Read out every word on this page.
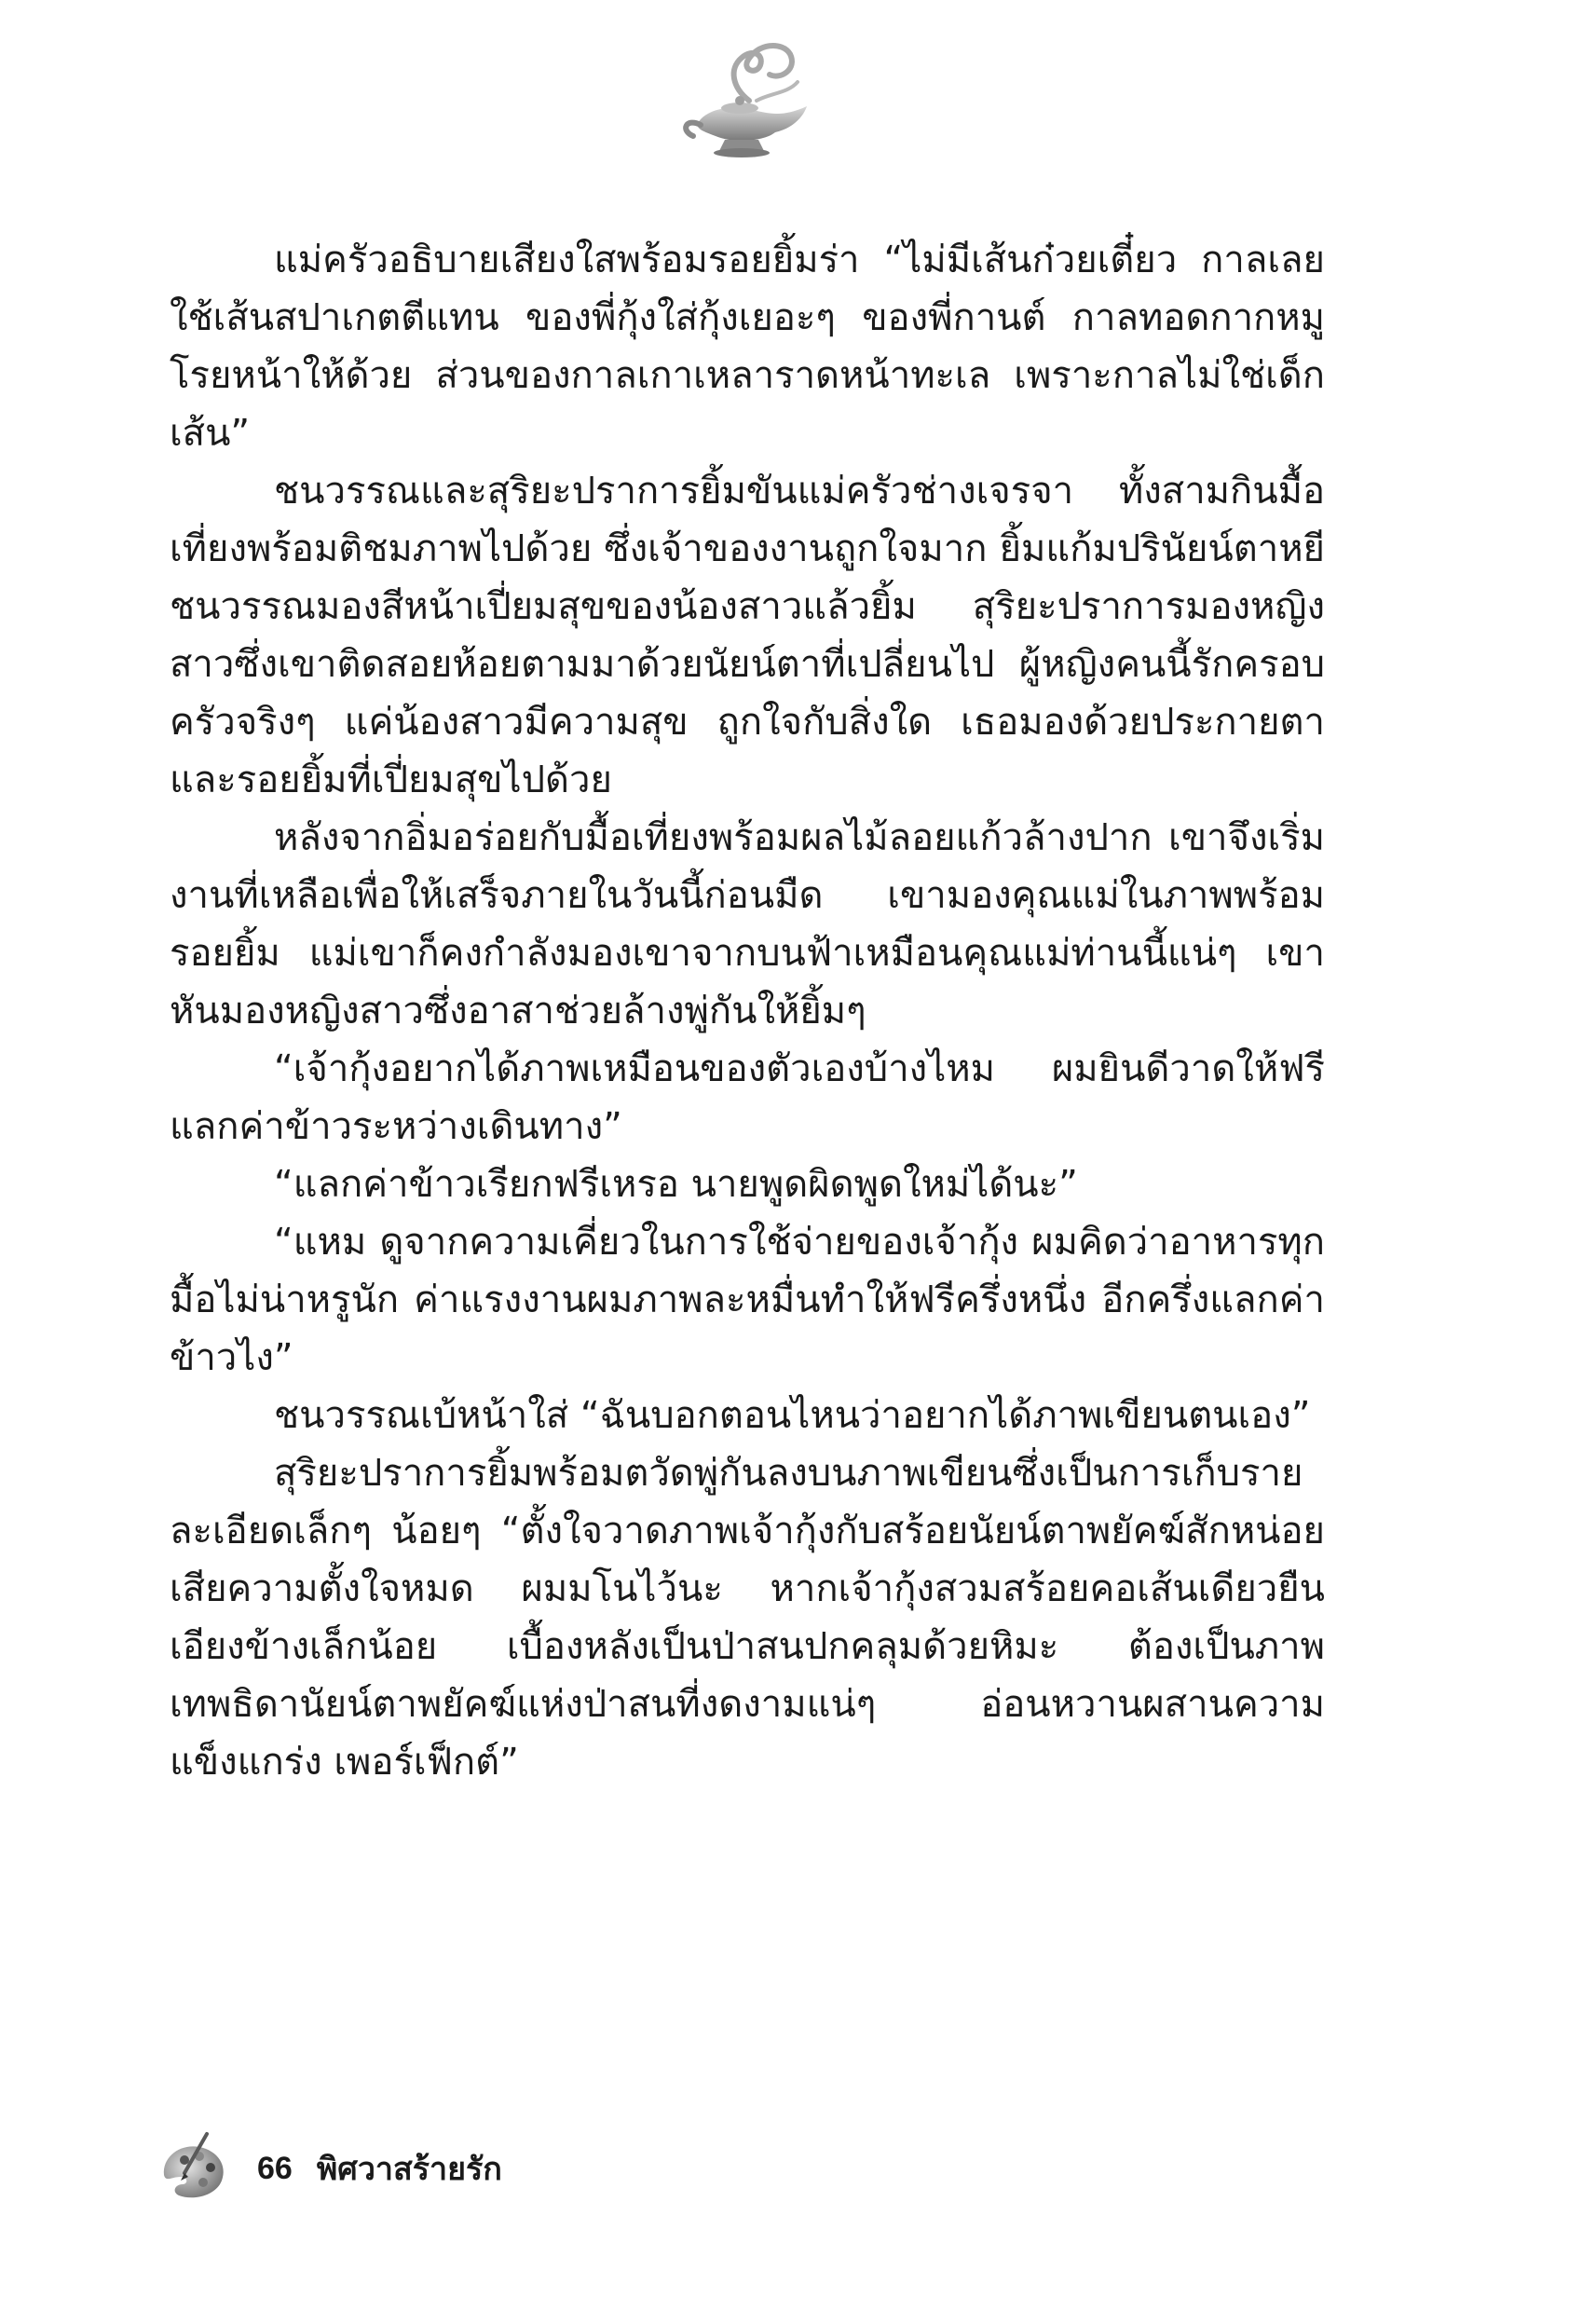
แม่ครัวอธิบายเสียงใสพร้อมรอยยิ้มร่า “ไม่มีเส้นก๋วยเตี๋ยว กาลเลยใช้เส้นสปาเกตตีแทน ของพี่กุ้งใส่กุ้งเยอะๆ ของพี่กานต์ กาลทอดกากหมูโรยหน้าให้ด้วย ส่วนของกาลเกาเหลาราดหน้าทะเล เพราะกาลไม่ใช่เด็กเส้น”

ชนวรรณและสุริยะปราการยิ้มขันแม่ครัวช่างเจรจา ทั้งสามกินมื้อเที่ยงพร้อมติชมภาพไปด้วย ซึ่งเจ้าของงานถูกใจมาก ยิ้มแก้มปรินัยน์ตาหยี ชนวรรณมองสีหน้าเปี่ยมสุขของน้องสาวแล้วยิ้ม สุริยะปราการมองหญิงสาวซึ่งเขาติดสอยห้อยตามมาด้วยนัยน์ตาที่เปลี่ยนไป ผู้หญิงคนนี้รักครอบครัวจริงๆ แค่น้องสาวมีความสุข ถูกใจกับสิ่งใด เธอมองด้วยประกายตาและรอยยิ้มที่เปี่ยมสุขไปด้วย

หลังจากอิ่มอร่อยกับมื้อเที่ยงพร้อมผลไม้ลอยแก้วล้างปาก เขาจึงเริ่มงานที่เหลือเพื่อให้เสร็จภายในวันนี้ก่อนมืด เขามองคุณแม่ในภาพพร้อมรอยยิ้ม แม่เขาก็คงกำลังมองเขาจากบนฟ้าเหมือนคุณแม่ท่านนี้แน่ๆ เขาหันมองหญิงสาวซึ่งอาสาช่วยล้างพู่กันให้ยิ้มๆ

“เจ้ากุ้งอยากได้ภาพเหมือนของตัวเองบ้างไหม ผมยินดีวาดให้ฟรีแลกค่าข้าวระหว่างเดินทาง”

“แลกค่าข้าวเรียกฟรีเหรอ นายพูดผิดพูดใหม่ได้นะ”

“แหม ดูจากความเคี่ยวในการใช้จ่ายของเจ้ากุ้ง ผมคิดว่าอาหารทุกมื้อไม่น่าหรูนัก ค่าแรงงานผมภาพละหมื่นทำให้ฟรีครึ่งหนึ่ง อีกครึ่งแลกค่าข้าวไง”

ชนวรรณเบ้หน้าใส่ “ฉันบอกตอนไหนว่าอยากได้ภาพเขียนตนเอง”

สุริยะปราการยิ้มพร้อมตวัดพู่กันลงบนภาพเขียนซึ่งเป็นการเก็บรายละเอียดเล็กๆ น้อยๆ “ตั้งใจวาดภาพเจ้ากุ้งกับสร้อยนัยน์ตาพยัคฆ์สักหน่อย เสียความตั้งใจหมด ผมมโนไว้นะ หากเจ้ากุ้งสวมสร้อยคอเส้นเดียวยืนเอียงข้างเล็กน้อย เบื้องหลังเป็นป่าสนปกคลุมด้วยหิมะ ต้องเป็นภาพเทพธิดานัยน์ตาพยัคฆ์แห่งป่าสนที่งดงามแน่ๆ อ่อนหวานผสานความแข็งแกร่ง เพอร์เฟ็กต์”

66 พิศวาสร้ายรัก
